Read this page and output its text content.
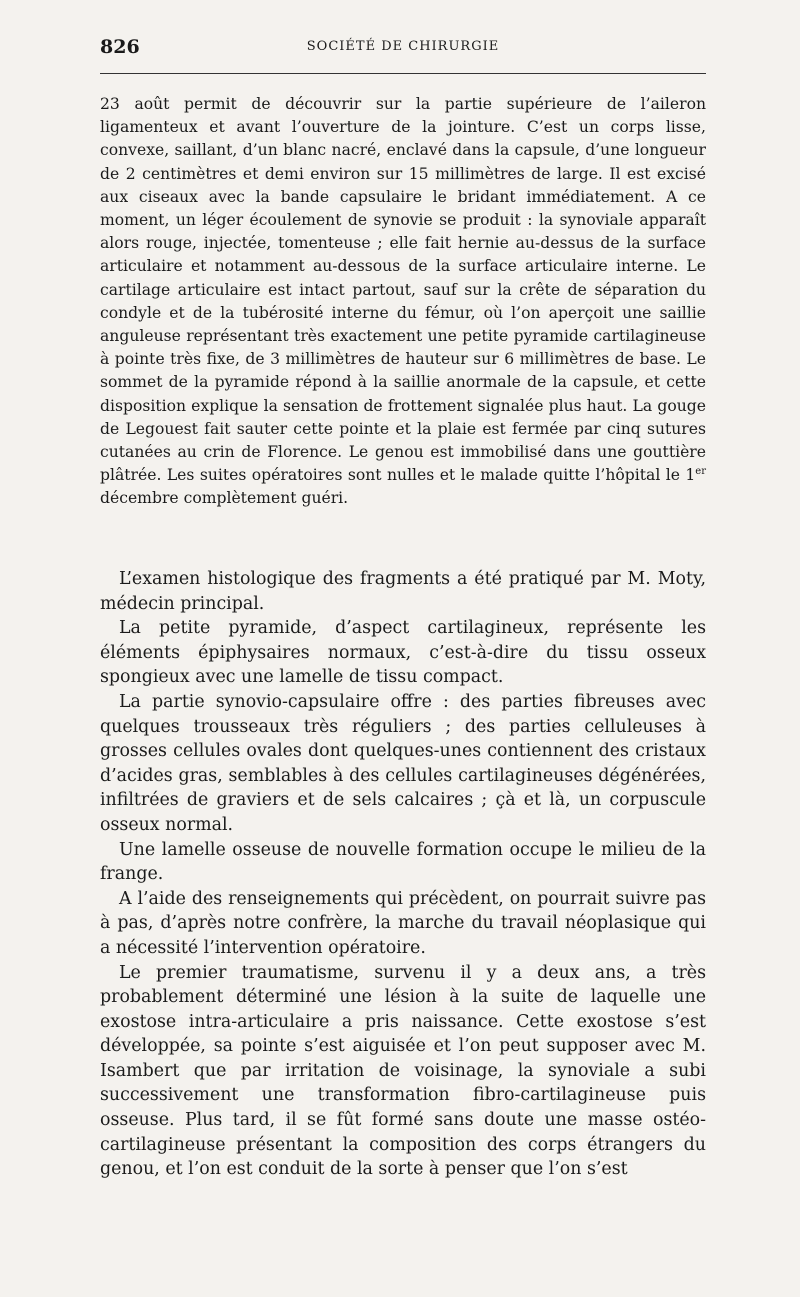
826	SOCIÉTÉ DE CHIRURGIE

23 août permit de découvrir sur la partie supérieure de l’aileron ligamenteux et avant l’ouverture de la jointure. C’est un corps lisse, convexe, saillant, d’un blanc nacré, enclavé dans la capsule, d’une longueur de 2 centimètres et demi environ sur 15 millimètres de large. Il est excisé aux ciseaux avec la bande capsulaire le bridant immédiatement. A ce moment, un léger écoulement de synovie se produit : la synoviale apparaît alors rouge, injectée, tomenteuse ; elle fait hernie au-dessus de la surface articulaire et notamment au-dessous de la surface articulaire interne. Le cartilage articulaire est intact partout, sauf sur la crête de séparation du condyle et de la tubérosité interne du fémur, où l’on aperçoit une saillie anguleuse représentant très exactement une petite pyramide cartilagineuse à pointe très fixe, de 3 millimètres de hauteur sur 6 millimètres de base. Le sommet de la pyramide répond à la saillie anormale de la capsule, et cette disposition explique la sensation de frottement signalée plus haut. La gouge de Legouest fait sauter cette pointe et la plaie est fermée par cinq sutures cutanées au crin de Florence. Le genou est immobilisé dans une gouttière plâtrée. Les suites opératoires sont nulles et le malade quitte l’hôpital le 1er décembre complètement guéri.

L’examen histologique des fragments a été pratiqué par M. Moty, médecin principal.

La petite pyramide, d’aspect cartilagineux, représente les éléments épiphysaires normaux, c’est-à-dire du tissu osseux spongieux avec une lamelle de tissu compact.

La partie synovio-capsulaire offre : des parties fibreuses avec quelques trousseaux très réguliers ; des parties celluleuses à grosses cellules ovales dont quelques-unes contiennent des cristaux d’acides gras, semblables à des cellules cartilagineuses dégénérées, infiltrées de graviers et de sels calcaires ; çà et là, un corpuscule osseux normal.

Une lamelle osseuse de nouvelle formation occupe le milieu de la frange.

A l’aide des renseignements qui précèdent, on pourrait suivre pas à pas, d’après notre confrère, la marche du travail néoplasique qui a nécessité l’intervention opératoire.

Le premier traumatisme, survenu il y a deux ans, a très probablement déterminé une lésion à la suite de laquelle une exostose intra-articulaire a pris naissance. Cette exostose s’est développée, sa pointe s’est aiguisée et l’on peut supposer avec M. Isambert que par irritation de voisinage, la synoviale a subi successivement une transformation fibro-cartilagineuse puis osseuse. Plus tard, il se fût formé sans doute une masse ostéo-cartilagineuse présentant la composition des corps étrangers du genou, et l’on est conduit de la sorte à penser que l’on s’est
